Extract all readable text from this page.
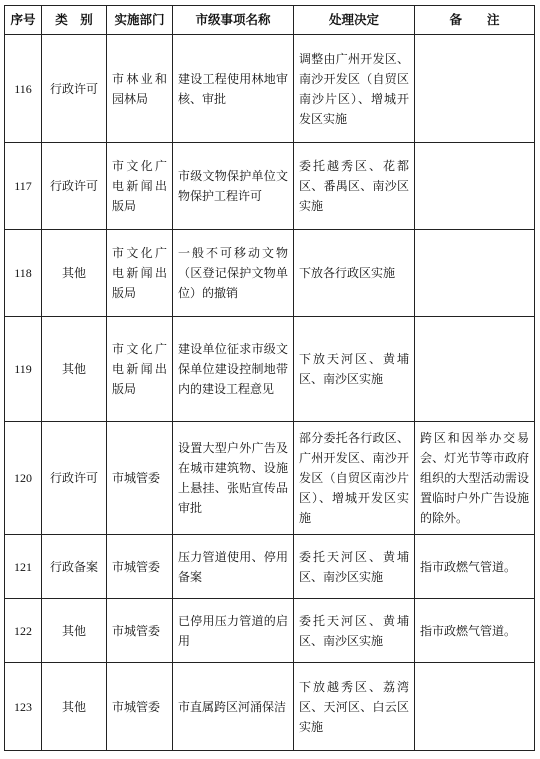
序号	类　别	实施部门	市级事项名称	处理决定	备　　注
116	行政许可	市林业和园林局	建设工程使用林地审核、审批	调整由广州开发区、南沙开发区（自贸区南沙片区）、增城开发区实施	
117	行政许可	市文化广电新闻出版局	市级文物保护单位文物保护工程许可	委托越秀区、花都区、番禺区、南沙区实施	
118	其他	市文化广电新闻出版局	一般不可移动文物（区登记保护文物单位）的撤销	下放各行政区实施	
119	其他	市文化广电新闻出版局	建设单位征求市级文保单位建设控制地带内的建设工程意见	下放天河区、黄埔区、南沙区实施	
120	行政许可	市城管委	设置大型户外广告及在城市建筑物、设施上悬挂、张贴宣传品审批	部分委托各行政区、广州开发区、南沙开发区（自贸区南沙片区）、增城开发区实施	跨区和因举办交易会、灯光节等市政府组织的大型活动需设置临时户外广告设施的除外。
121	行政备案	市城管委	压力管道使用、停用备案	委托天河区、黄埔区、南沙区实施	指市政燃气管道。
122	其他	市城管委	已停用压力管道的启用	委托天河区、黄埔区、南沙区实施	指市政燃气管道。
123	其他	市城管委	市直属跨区河涌保洁	下放越秀区、荔湾区、天河区、白云区实施	
